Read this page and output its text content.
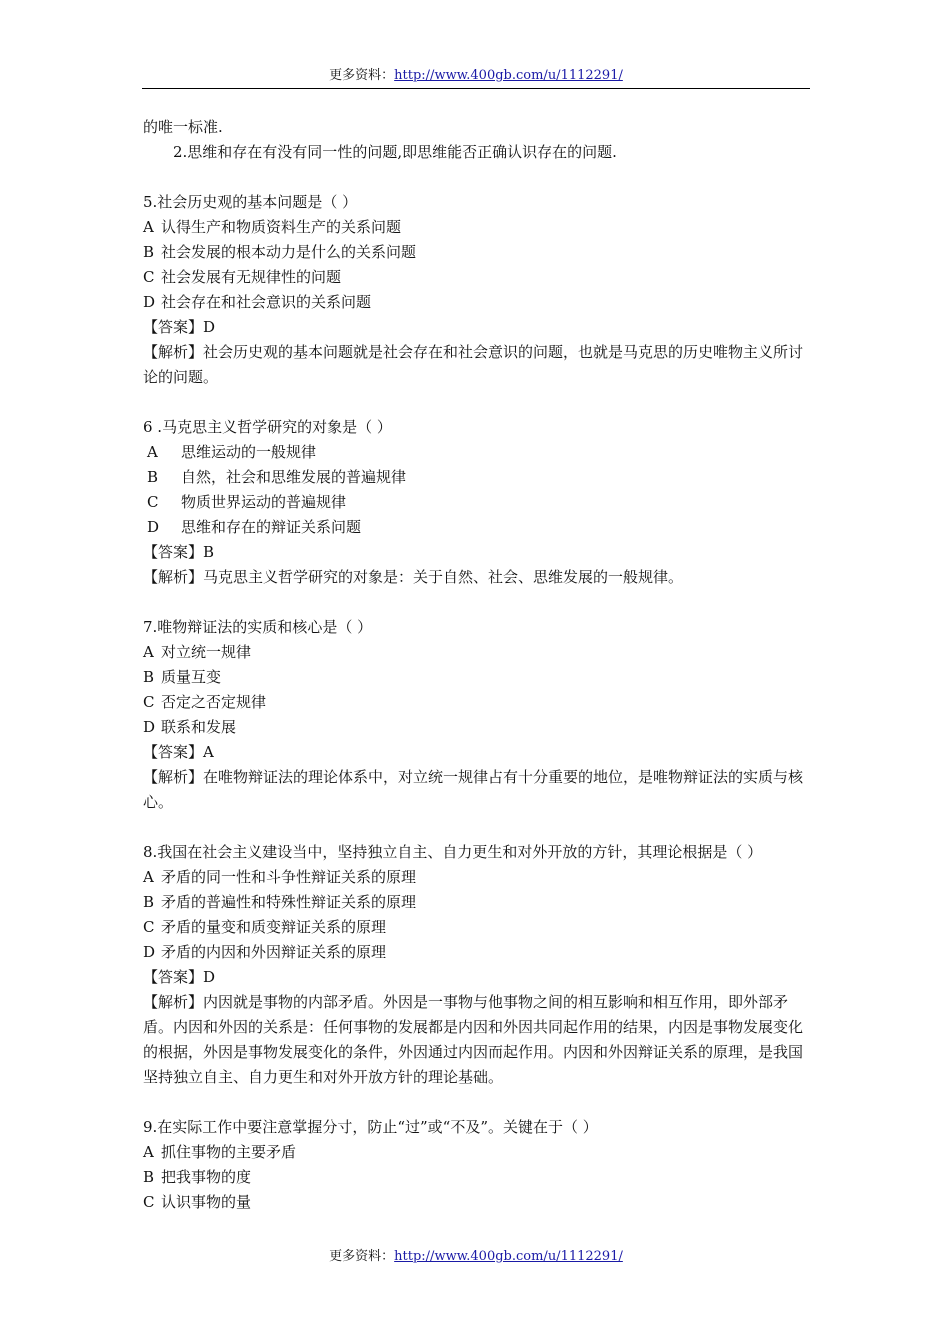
更多资料：http://www.400gb.com/u/1112291/
的唯一标准.
2.思维和存在有没有同一性的问题,即思维能否正确认识存在的问题.
5.社会历史观的基本问题是（ ）
A 认得生产和物质资料生产的关系问题
B 社会发展的根本动力是什么的关系问题
C 社会发展有无规律性的问题
D 社会存在和社会意识的关系问题
【答案】D
【解析】社会历史观的基本问题就是社会存在和社会意识的问题，也就是马克思的历史唯物主义所讨论的问题。
6 .马克思主义哲学研究的对象是（ ）
A 思维运动的一般规律
B 自然，社会和思维发展的普遍规律
C 物质世界运动的普遍规律
D 思维和存在的辩证关系问题
【答案】B
【解析】马克思主义哲学研究的对象是：关于自然、社会、思维发展的一般规律。
7.唯物辩证法的实质和核心是（ ）
A 对立统一规律
B 质量互变
C 否定之否定规律
D 联系和发展
【答案】A
【解析】在唯物辩证法的理论体系中，对立统一规律占有十分重要的地位，是唯物辩证法的实质与核心。
8.我国在社会主义建设当中，坚持独立自主、自力更生和对外开放的方针，其理论根据是（ ）
A 矛盾的同一性和斗争性辩证关系的原理
B 矛盾的普遍性和特殊性辩证关系的原理
C 矛盾的量变和质变辩证关系的原理
D 矛盾的内因和外因辩证关系的原理
【答案】D
【解析】内因就是事物的内部矛盾。外因是一事物与他事物之间的相互影响和相互作用，即外部矛盾。内因和外因的关系是：任何事物的发展都是内因和外因共同起作用的结果，内因是事物发展变化的根据，外因是事物发展变化的条件，外因通过内因而起作用。内因和外因辩证关系的原理，是我国坚持独立自主、自力更生和对外开放方针的理论基础。
9.在实际工作中要注意掌握分寸，防止“过”或“不及”。关键在于（ ）
A 抓住事物的主要矛盾
B 把我事物的度
C 认识事物的量
更多资料：http://www.400gb.com/u/1112291/
